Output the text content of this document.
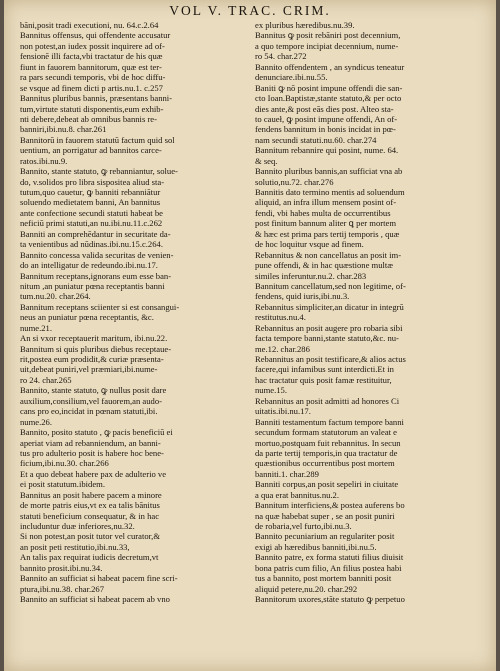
VOL V. TRAC. CRIM.
bāni,posit tradi executioni, nu. 64.c.2.64
Bannitus offensus, qui offendente accusatur
non potest,an iudex possit inquirere ad of-
fensionē illi facta,vbi tractatur de his quæ
fiunt in fauorem bannitorum, quæ est ter-
ra pars secundi temporis, vbi de hoc diffu-
se vsque ad finem dicti p artis.nu.1. c.257
Bannitus pluribus bannis, præsentans banni-
tum,virtute statuti disponentis,eum exhib-
nti debere,debeat ab omnibus bannis re-
banniri,ibi.nu.8. char.261
Bannitorū in fauorem statutū factum quid sol
uentium, an porrigatur ad bannitos carce-
ratos.ibi.nu.9.
Bannito, stante statuto, ꝙ rebanniantur, solue-
do, v.solidos pro libra sispositea aliud sta-
tutum,quo cauetur, ꝙ banniti rebanniātur
soluendo medietatem banni, An bannitus
ante confectione secundi statuti habeat be
neficiū primi statuti,an nu.ibi.nu.11.c.262
Banniti an comprehēdantur in securitate da-
ta venientibus ad nūdinas.ibi.nu.15.c.264.
Bannito concessa valida securitas de venien-
do an intelligatur de redeundo.ibi.nu.17.
Bannitum receptans,ignorans eum esse ban-
nitum ,an puniatur pœna receptantis banni
tum.nu.20. char.264.
Bannitum receptans sciienter si est consangui-
neus an puniatur pœna receptantis, &c.
nume.21.
An si vxor receptauerit maritum, ibi.nu.22.
Bannitum si quis pluribus diebus receptaue-
rit,postea eum prodidit,& curiæ præsenta-
uit,debeat puniri,vel præmiari,ibi.nume-
ro 24. char.265
Bannito, stante statuto, ꝙ nullus posit dare
auxilium,consilium,vel fauorem,an audo-
cans pro eo,incidat in pœnam statuti,ibi.
nume.26.
Bannito, posito statuto , ꝙ pacis beneficiū ei
aperiat viam ad rebanniendum, an banni-
tus pro adulterio posit is habere hoc bene-
ficium,ibi.nu.30. char.266
Et a quo debeat habere pax de adulterio ve
ei posit statutum.ibidem.
Bannitus an posit habere pacem a minore
de morte patris eius,vt ex ea talis bānitus
statuti beneficium consequatur, & in hac
includuntur duæ inferiores,nu.32.
Si non potest,an posit tutor vel curator,&
an posit peti restitutio,ibi.nu.33,
An talis pax requirat iudicis decretum,vt
bannito prosit.ibi.nu.34.
Bannito an sufficiat si habeat pacem fine scri-
ptura,ibi.nu.38. char.267
Bannito an sufficiat si habeat pacem ab vno
ex pluribus hæredibus.nu.39.
Bannitus ꝙ posit rebāniri post decennium,
a quo tempore incipiat decennium, nume-
ro 54. char.272
Bannito offendentem , an syndicus teneatur
denunciare.ibi.nu.55.
Baniti ꝙ nō posint impune offendi die san-
cto Ioan.Baptistæ,stante statuto,& per octo
dies ante,& post eās dies post. Alteo sta-
to caueł, ꝙ posint impune offendi, An of-
fendens bannitum in bonis incidat in pœ-
nam secundi statuti.nu.60. char.274
Bannitum rebannire qui posint, nume. 64.
& seq.
Bannito pluribus bannis,an sufficiat vna ab
solutio,nu.72. char.276
Bannitis dato termino mentis ad soluendum
aliquid, an infra illum mensem posint of-
fendi, vbi habes multa de occurrentibus
post finitum bannum aliter ꝗ per mortem
& hæc est prima pars tertij temporis , quæ
de hoc loquitur vsque ad finem.
Rebannitus & non cancellatus an posit im-
pune offendi, & in hac quæstione multæ
similes inferuntur.nu.2. char.283
Bannitum cancellatum,sed non legitime, of-
fendens, quid iuris,ibi.nu.3.
Rebannitus simpliciter,an dicatur in integrū
restitutus.nu.4.
Rebannitus an posit augere pro robaria sibi
facta tempore banni,stante statuto,&c. nu-
me.12. char.286
Rebannitus an posit testificare,& alios actus
facere,qui infamibus sunt interdicti.Et in
hac tractatur quis posit famæ restituitur,
nume.15.
Rebannitus an posit admitti ad honores Ci
uitatis.ibi.nu.17.
Banniti testamentum factum tempore banni
secundum formam statutorum an valeat e
mortuo,postquam fuit rebannitus. In secun
da parte tertij temporis,in qua tractatur de
quæstionibus occurrentibus post mortem
banniti.1. char.289
Banniti corpus,an posit sepeliri in ciuitate
a qua erat bannitus.nu.2.
Bannitum interficiens,& postea auferens bo
na quæ habebat super , se an posit puniri
de robaria,vel furto,ibi.nu.3.
Bannito pecuniarium an regulariter posit
exigi ab hæredibus banniti,ibi.nu.5.
Bannito patre, ex forma statuti filius diuisit
bona patris cum filio, An filius postea habi
tus a bannito, post mortem banniti posit
aliquid petere,nu.20. char.292
Bannitorum uxores,stāte statuto ꝙ perpetuo
